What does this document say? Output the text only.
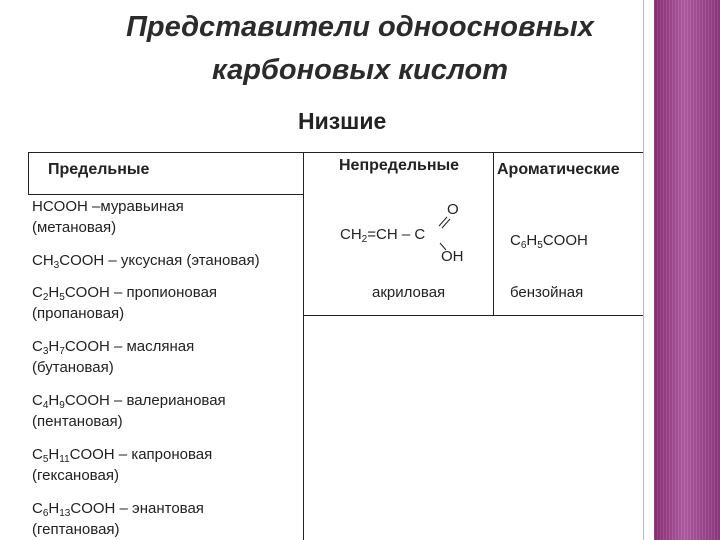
Представители одноосновных
карбоновых кислот
Низшие
Предельные	Непредельные Ароматические
HCOOH –муравьиная
(метановая)
$CH_3COOH$ – уксусная (этановая)
$C_2H_5COOH$ – пропионовая
(пропановая)
$C_3H_7COOH$ – масляная
(бутановая)
$C_4H_9COOH$ – валериановая
(пентановая)
$C_5H_{11}COOH$ – капроновая
(гексановая)
$C_6H_{13}COOH$ – энантовая
(гептановая)
O
$CH_2=CH - C$
OH
акриловая
$C_6H_5COOH$
бензойная
